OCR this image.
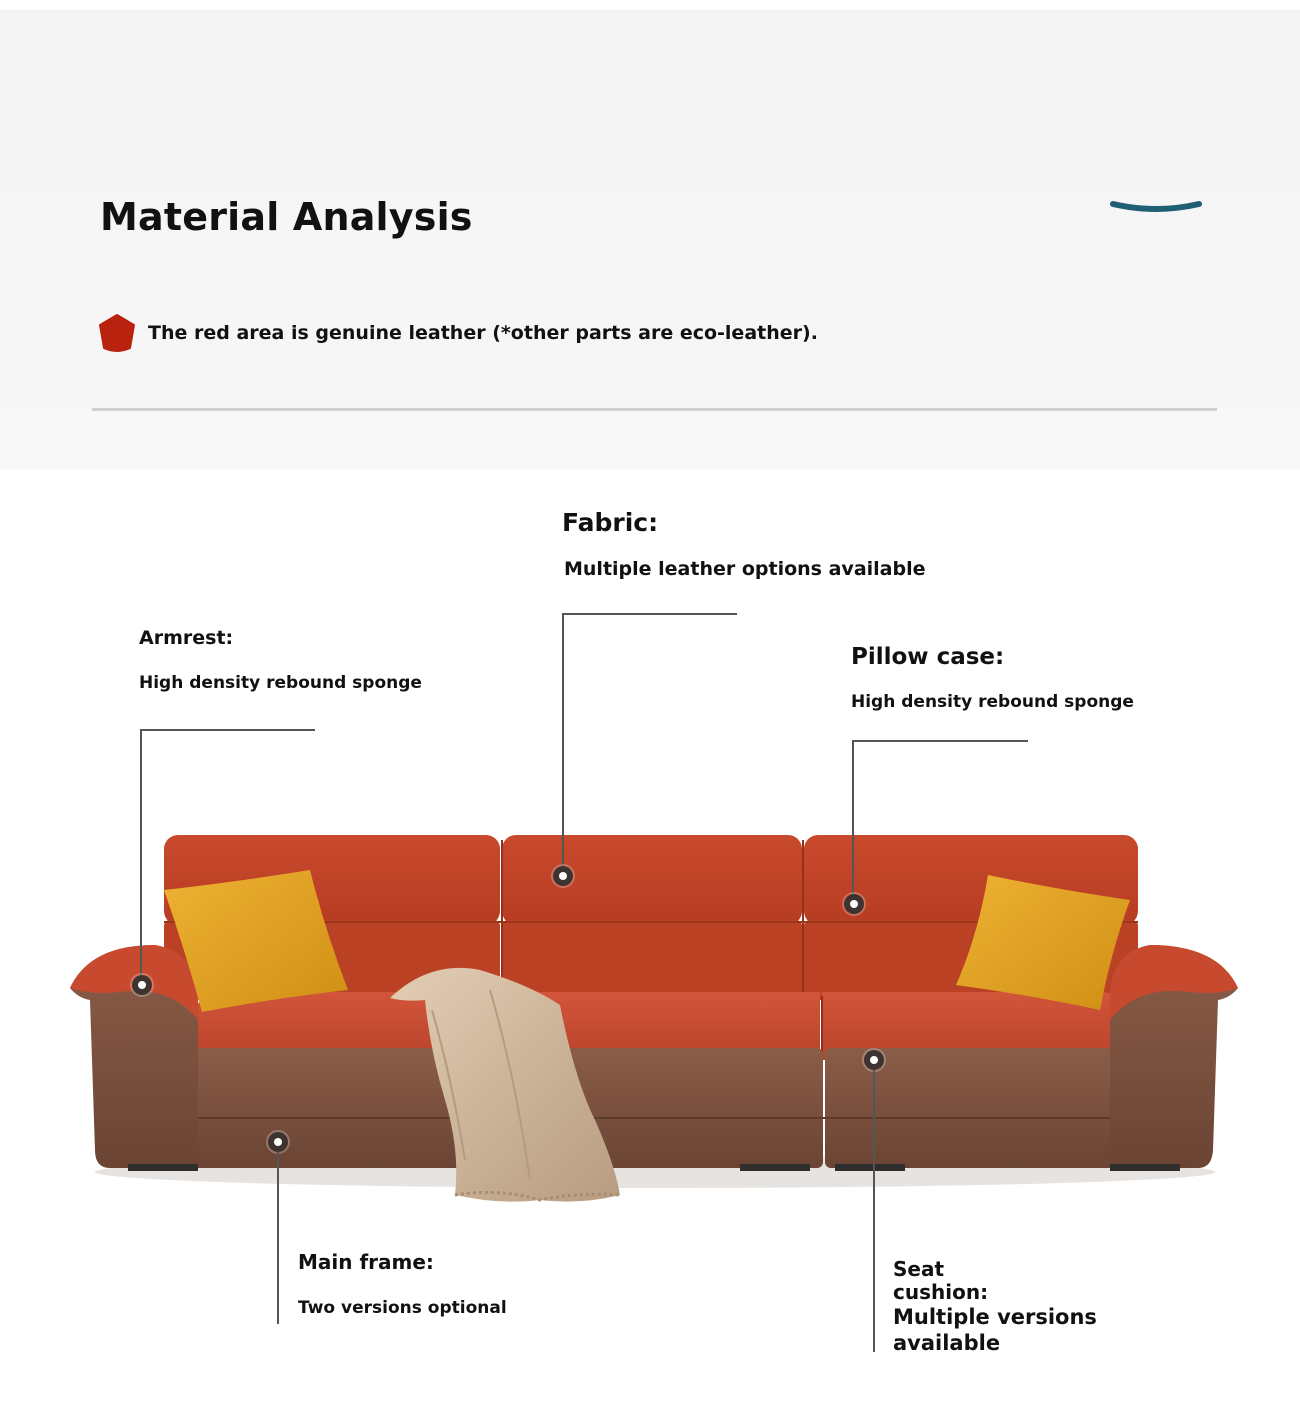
Material Analysis
The red area is genuine leather (*other parts are eco-leather).
Fabric:
Multiple leather options available
Armrest:
High density rebound sponge
Pillow case:
High density rebound sponge
Main frame:
Two versions optional
Seat
cushion:
Multiple versions
available
